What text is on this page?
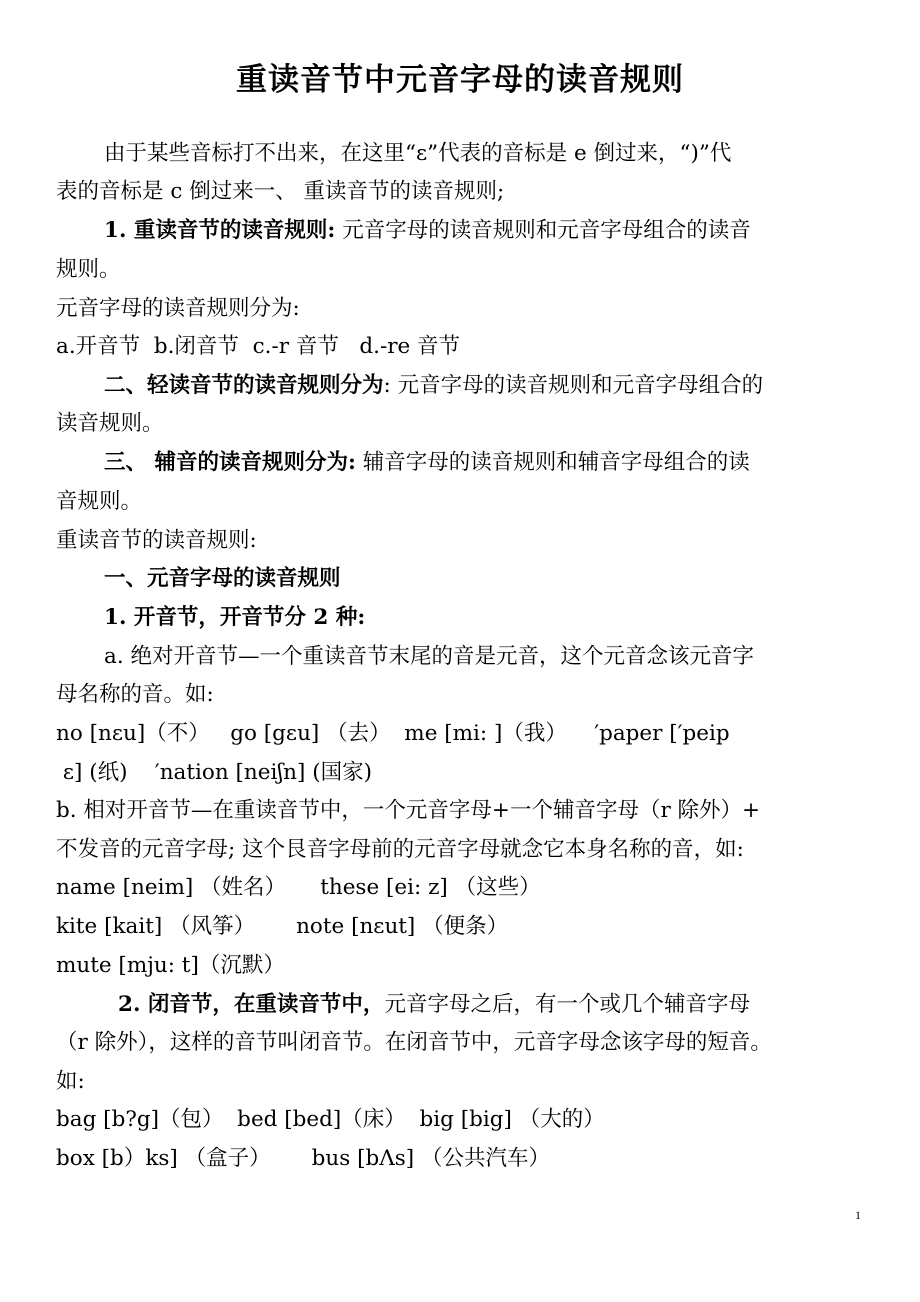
重读音节中元音字母的读音规则
由于某些音标打不出来，在这里“ε”代表的音标是 e 倒过来，“)”代
表的音标是 c 倒过来一、 重读音节的读音规则;
1. 重读音节的读音规则: 元音字母的读音规则和元音字母组合的读音
规则。
元音字母的读音规则分为:
a.开音节  b.闭音节  c.-r 音节   d.-re 音节
二、轻读音节的读音规则分为: 元音字母的读音规则和元音字母组合的
读音规则。
三、 辅音的读音规则分为: 辅音字母的读音规则和辅音字母组合的读
音规则。
重读音节的读音规则:
一、元音字母的读音规则
1. 开音节，开音节分 2 种:
a. 绝对开音节—一个重读音节末尾的音是元音，这个元音念该元音字
母名称的音。如:
no [nεu]（不）   go [gεu] （去）  me [mi: ]（我）    ′paper [′peip
ε] (纸)    ′nation [neiʃn] (国家)
b. 相对开音节—在重读音节中，一个元音字母+一个辅音字母（r 除外）+
不发音的元音字母; 这个艮音字母前的元音字母就念它本身名称的音，如:
name [neim] （姓名）     these [ei: z] （这些）
kite [kait] （风筝）      note [nεut] （便条）
mute [mju: t]（沉默）
2. 闭音节，在重读音节中，元音字母之后，有一个或几个辅音字母
（r 除外），这样的音节叫闭音节。在闭音节中，元音字母念该字母的短音。
如:
bag [b?g]（包）  bed [bed]（床）  big [big] （大的）
box [b）ks] （盒子）      bus [bΛs] （公共汽车）
1
